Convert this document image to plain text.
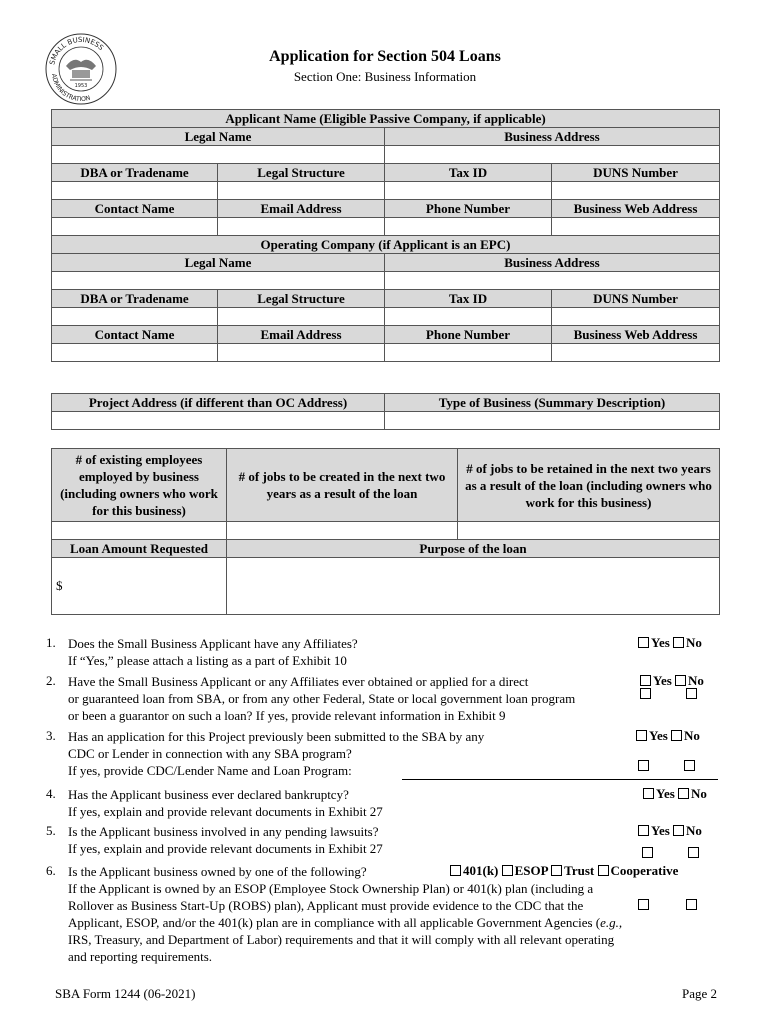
SMALL BUSINESS
ADMINISTRATION
1953
Application for Section 504 Loans
Section One: Business Information
Applicant Name (Eligible Passive Company, if applicable)			
Legal Name		Business Address	

DBA or Tradename	Legal Structure	Tax ID	DUNS Number

Contact Name	Email Address	Phone Number	Business Web Address

Operating Company (if Applicant is an EPC)			
Legal Name		Business Address	

DBA or Tradename	Legal Structure	Tax ID	DUNS Number

Contact Name	Email Address	Phone Number	Business Web Address

Project Address (if different than OC Address)	Type of Business (Summary Description)

# of existing employees employed by business (including owners who work for this business)	# of jobs to be created in the next two years as a result of the loan	# of jobs to be retained in the next two years as a result of the loan (including owners who work for this business)

Loan Amount Requested	Purpose of the loan	
$		
1. Does the Small Business Applicant have any Affiliates?
If “Yes,” please attach a listing as a part of Exhibit 10
Yes No
2. Have the Small Business Applicant or any Affiliates ever obtained or applied for a direct
or guaranteed loan from SBA, or from any other Federal, State or local government loan program
or been a guarantor on such a loan? If yes, provide relevant information in Exhibit 9
Yes No
3. Has an application for this Project previously been submitted to the SBA by any
CDC or Lender in connection with any SBA program?
If yes, provide CDC/Lender Name and Loan Program:
Yes No
4. Has the Applicant business ever declared bankruptcy?
If yes, explain and provide relevant documents in Exhibit 27
Yes No
5. Is the Applicant business involved in any pending lawsuits?
If yes, explain and provide relevant documents in Exhibit 27
Yes No
6. Is the Applicant business owned by one of the following?
If the Applicant is owned by an ESOP (Employee Stock Ownership Plan) or 401(k) plan (including a
Rollover as Business Start-Up (ROBS) plan), Applicant must provide evidence to the CDC that the
Applicant, ESOP, and/or the 401(k) plan are in compliance with all applicable Government Agencies (e.g.,
IRS, Treasury, and Department of Labor) requirements and that it will comply with all relevant operating
and reporting requirements.
401(k) ESOP Trust Cooperative
SBA Form 1244 (06-2021)	Page 2
